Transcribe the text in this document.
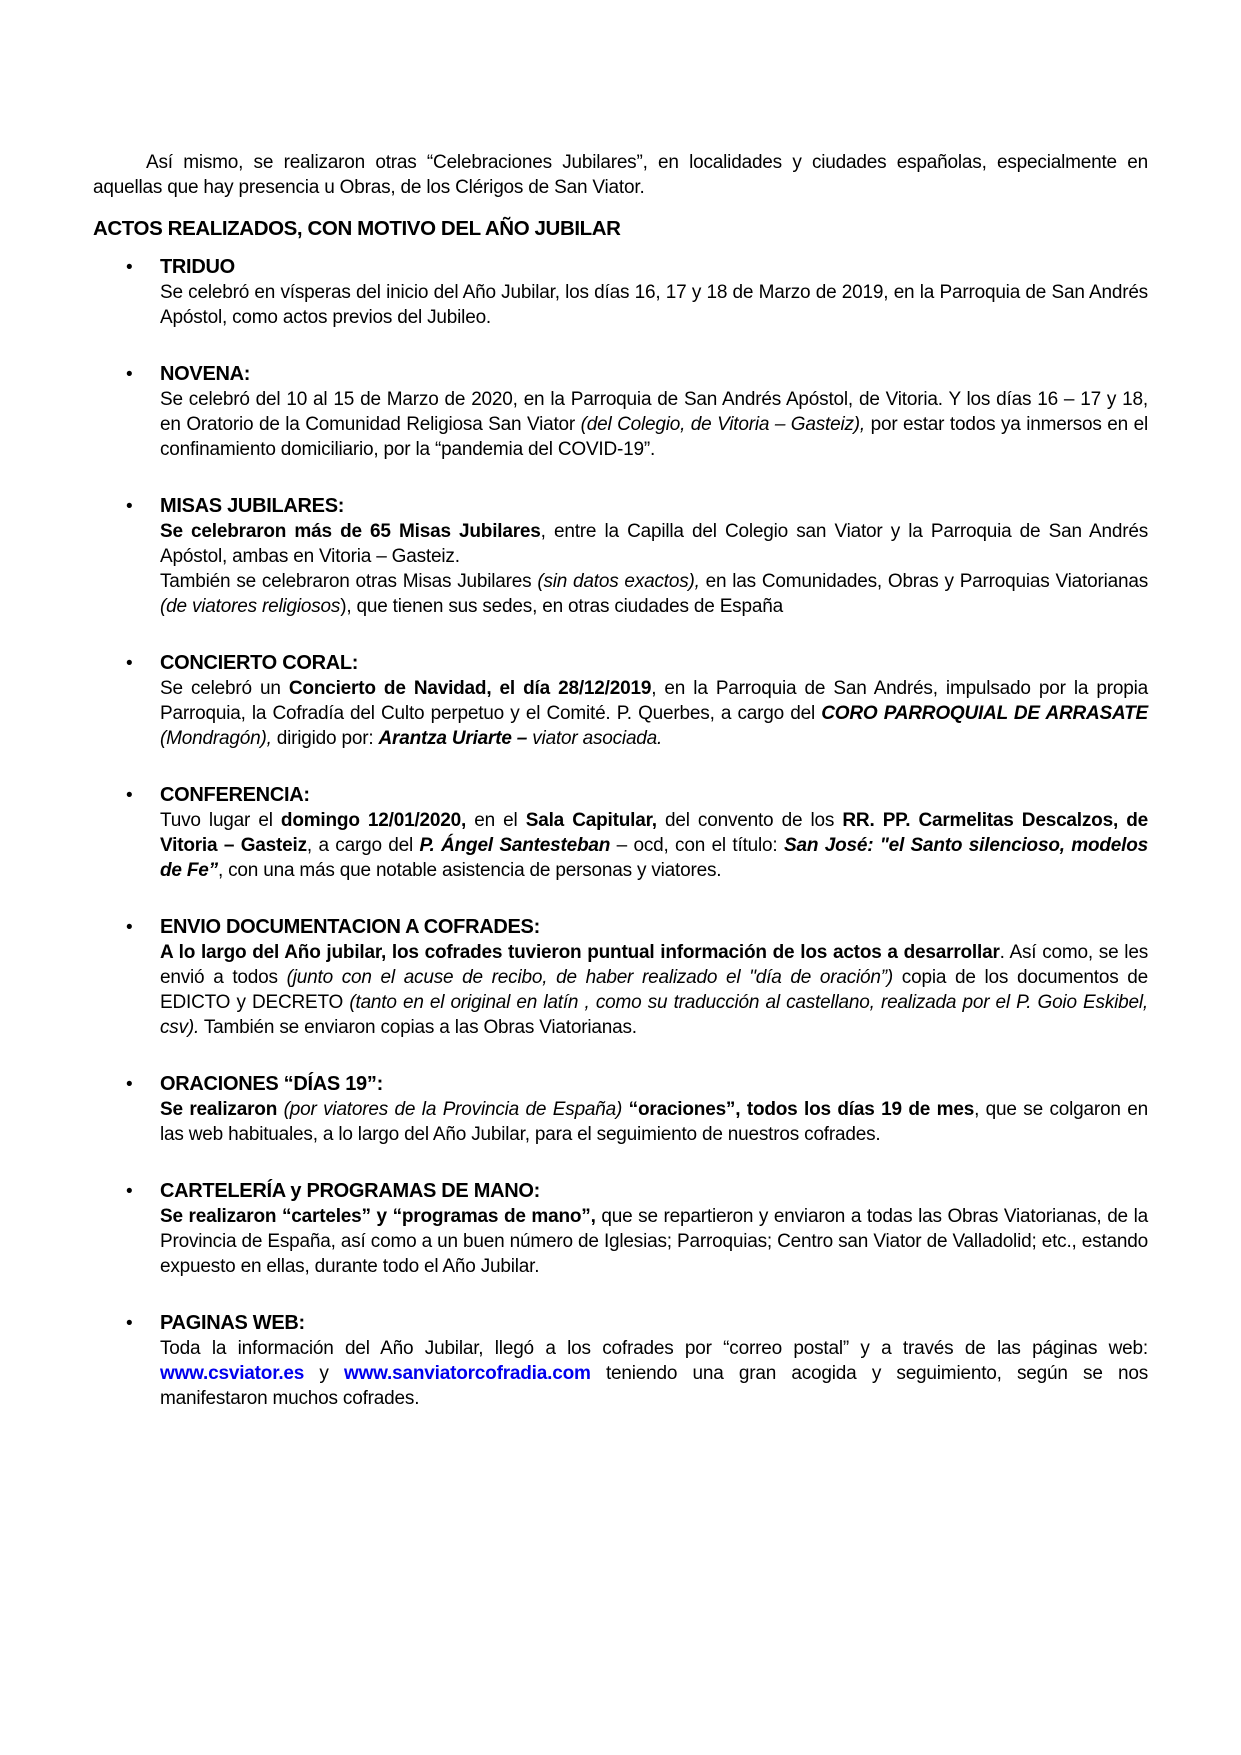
Así mismo, se realizaron otras “Celebraciones Jubilares”, en localidades y ciudades españolas, especialmente en aquellas que hay presencia u Obras, de los Clérigos de San Viator.

ACTOS REALIZADOS, CON MOTIVO DEL AÑO JUBILAR
•	TRIDUO

Se celebró en vísperas del inicio del Año Jubilar, los días 16, 17 y 18 de Marzo de 2019, en la Parroquia de San Andrés Apóstol, como actos previos del Jubileo.

•	NOVENA:

Se celebró del 10 al 15 de Marzo de 2020, en la Parroquia de San Andrés Apóstol, de Vitoria. Y los días 16 – 17 y 18, en Oratorio de la Comunidad Religiosa San Viator (del Colegio, de Vitoria – Gasteiz), por estar todos ya inmersos en el confinamiento domiciliario, por la “pandemia del COVID-19”.

•	MISAS JUBILARES:

Se celebraron más de 65 Misas Jubilares, entre la Capilla del Colegio san Viator y la Parroquia de San Andrés Apóstol, ambas en Vitoria – Gasteiz.

También se celebraron otras Misas Jubilares (sin datos exactos), en las Comunidades, Obras y Parroquias Viatorianas (de viatores religiosos), que tienen sus sedes, en otras ciudades de España

•	CONCIERTO CORAL:

Se celebró un Concierto de Navidad, el día 28/12/2019, en la Parroquia de San Andrés, impulsado por la propia Parroquia, la Cofradía del Culto perpetuo y el Comité. P. Querbes, a cargo del CORO PARROQUIAL DE ARRASATE (Mondragón), dirigido por: Arantza Uriarte – viator asociada.

•	CONFERENCIA:

Tuvo lugar el domingo 12/01/2020, en el Sala Capitular, del convento de los RR. PP. Carmelitas Descalzos, de Vitoria – Gasteiz, a cargo del P. Ángel Santesteban – ocd, con el título: San José: "el Santo silencioso, modelos de Fe”, con una más que notable asistencia de personas y viatores.

•	ENVIO DOCUMENTACION A COFRADES:

A lo largo del Año jubilar, los cofrades tuvieron puntual información de los actos a desarrollar. Así como, se les envió a todos (junto con el acuse de recibo, de haber realizado el "día de oración”) copia de los documentos de EDICTO y DECRETO (tanto en el original en latín , como su traducción al castellano, realizada por el P. Goio Eskibel, csv). También se enviaron copias a las Obras Viatorianas.

•	ORACIONES “DÍAS 19”:

Se realizaron (por viatores de la Provincia de España) “oraciones”, todos los días 19 de mes, que se colgaron en las web habituales, a lo largo del Año Jubilar, para el seguimiento de nuestros cofrades.

•	CARTELERÍA y PROGRAMAS DE MANO:

Se realizaron “carteles” y “programas de mano”, que se repartieron y enviaron a todas las Obras Viatorianas, de la Provincia de España, así como a un buen número de Iglesias; Parroquias; Centro san Viator de Valladolid; etc., estando expuesto en ellas, durante todo el Año Jubilar.

•	PAGINAS WEB:

Toda la información del Año Jubilar, llegó a los cofrades por “correo postal” y a través de las páginas web: www.csviator.es y www.sanviatorcofradia.com teniendo una gran acogida y seguimiento, según se nos manifestaron muchos cofrades.
